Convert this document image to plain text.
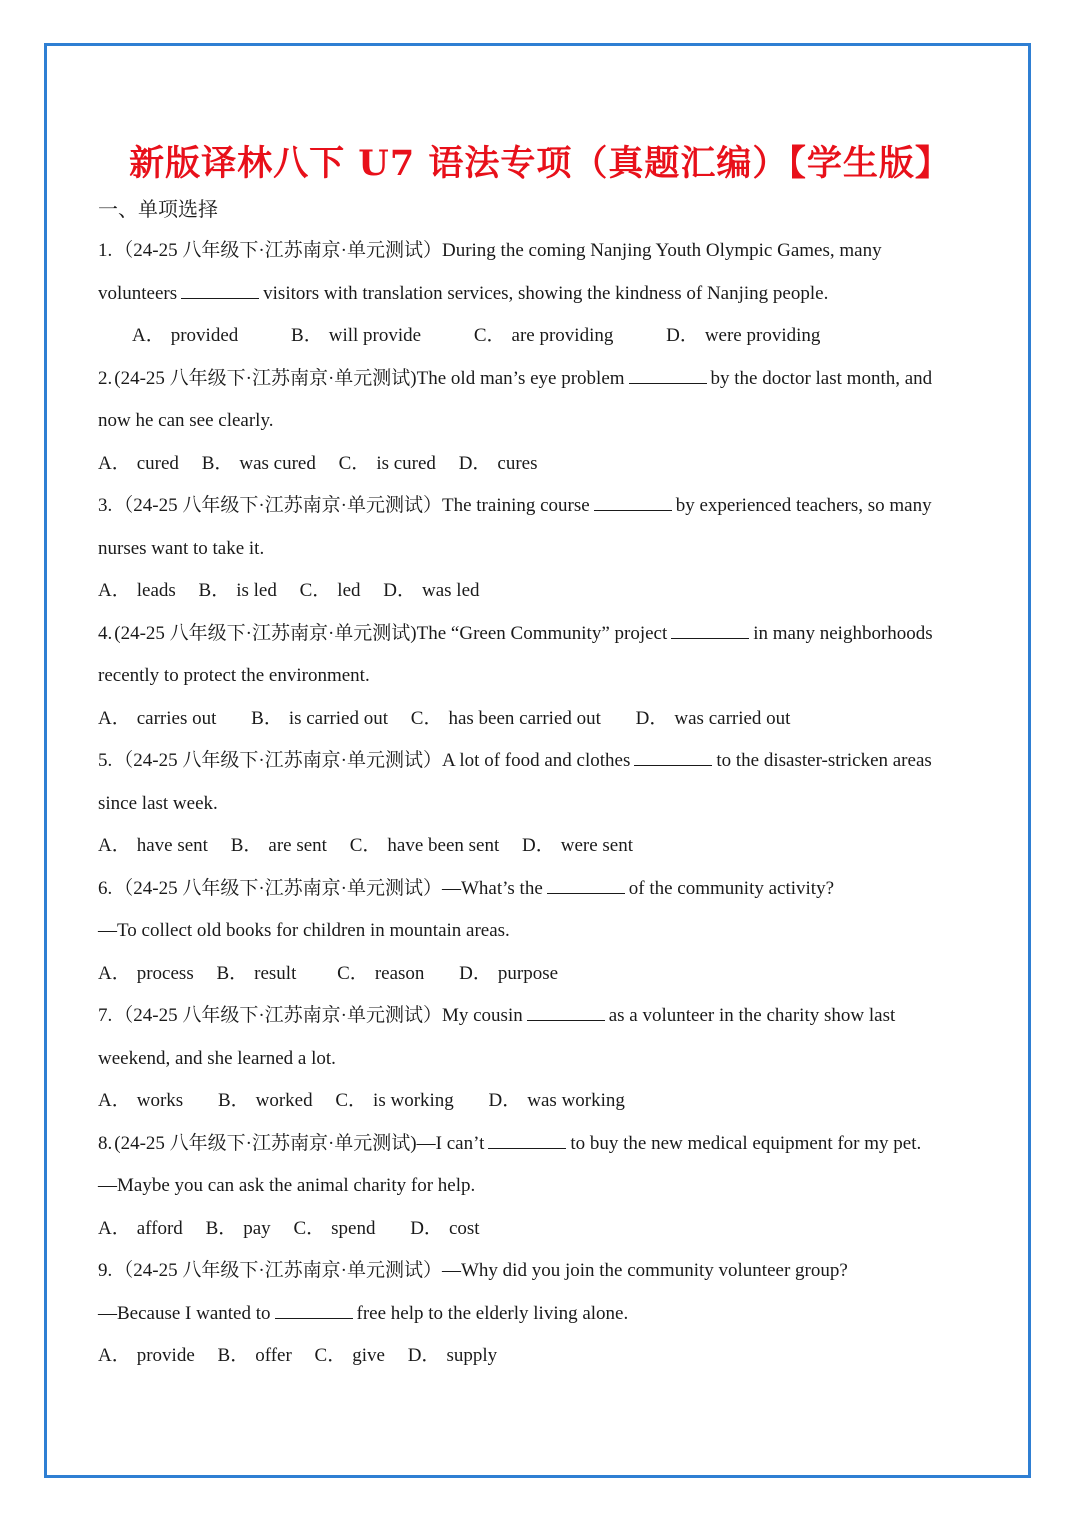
新版译林八下 U7 语法专项（真题汇编）【学生版】
一、单项选择
1. （24-25 八年级下·江苏南京·单元测试）During the coming Nanjing Youth Olympic Games, many
volunteers	visitors with translation services, showing the kindness of Nanjing people.
A． provided	B． will provide	C． are providing	D． were providing
2. (24-25 八年级下·江苏南京·单元测试)The old man’s eye problem	by the doctor last month, and
now he can see clearly.
A． cured B． was cured C． is cured D． cures
3. （24-25 八年级下·江苏南京·单元测试）The training course	by experienced teachers, so many
nurses want to take it.
A． leads B． is led C． led D． was led
4. (24-25 八年级下·江苏南京·单元测试)The “Green Community” project	in many neighborhoods
recently to protect the environment.
A． carries out B． is carried out C． has been carried out D． was carried out
5. （24-25 八年级下·江苏南京·单元测试）A lot of food and clothes	to the disaster-stricken areas
since last week.
A． have sent B． are sent C． have been sent D． were sent
6. （24-25 八年级下·江苏南京·单元测试）—What’s the	of the community activity?
—To collect old books for children in mountain areas.
A． process B． result C． reason D． purpose
7. （24-25 八年级下·江苏南京·单元测试）My cousin	as a volunteer in the charity show last
weekend, and she learned a lot.
A． works B． worked C． is working D． was working
8. (24-25 八年级下·江苏南京·单元测试)—I can’t	to buy the new medical equipment for my pet.
—Maybe you can ask the animal charity for help.
A． afford B． pay C． spend D． cost
9. （24-25 八年级下·江苏南京·单元测试）—Why did you join the community volunteer group?
—Because I wanted to	free help to the elderly living alone.
A． provide B． offer C． give D． supply
